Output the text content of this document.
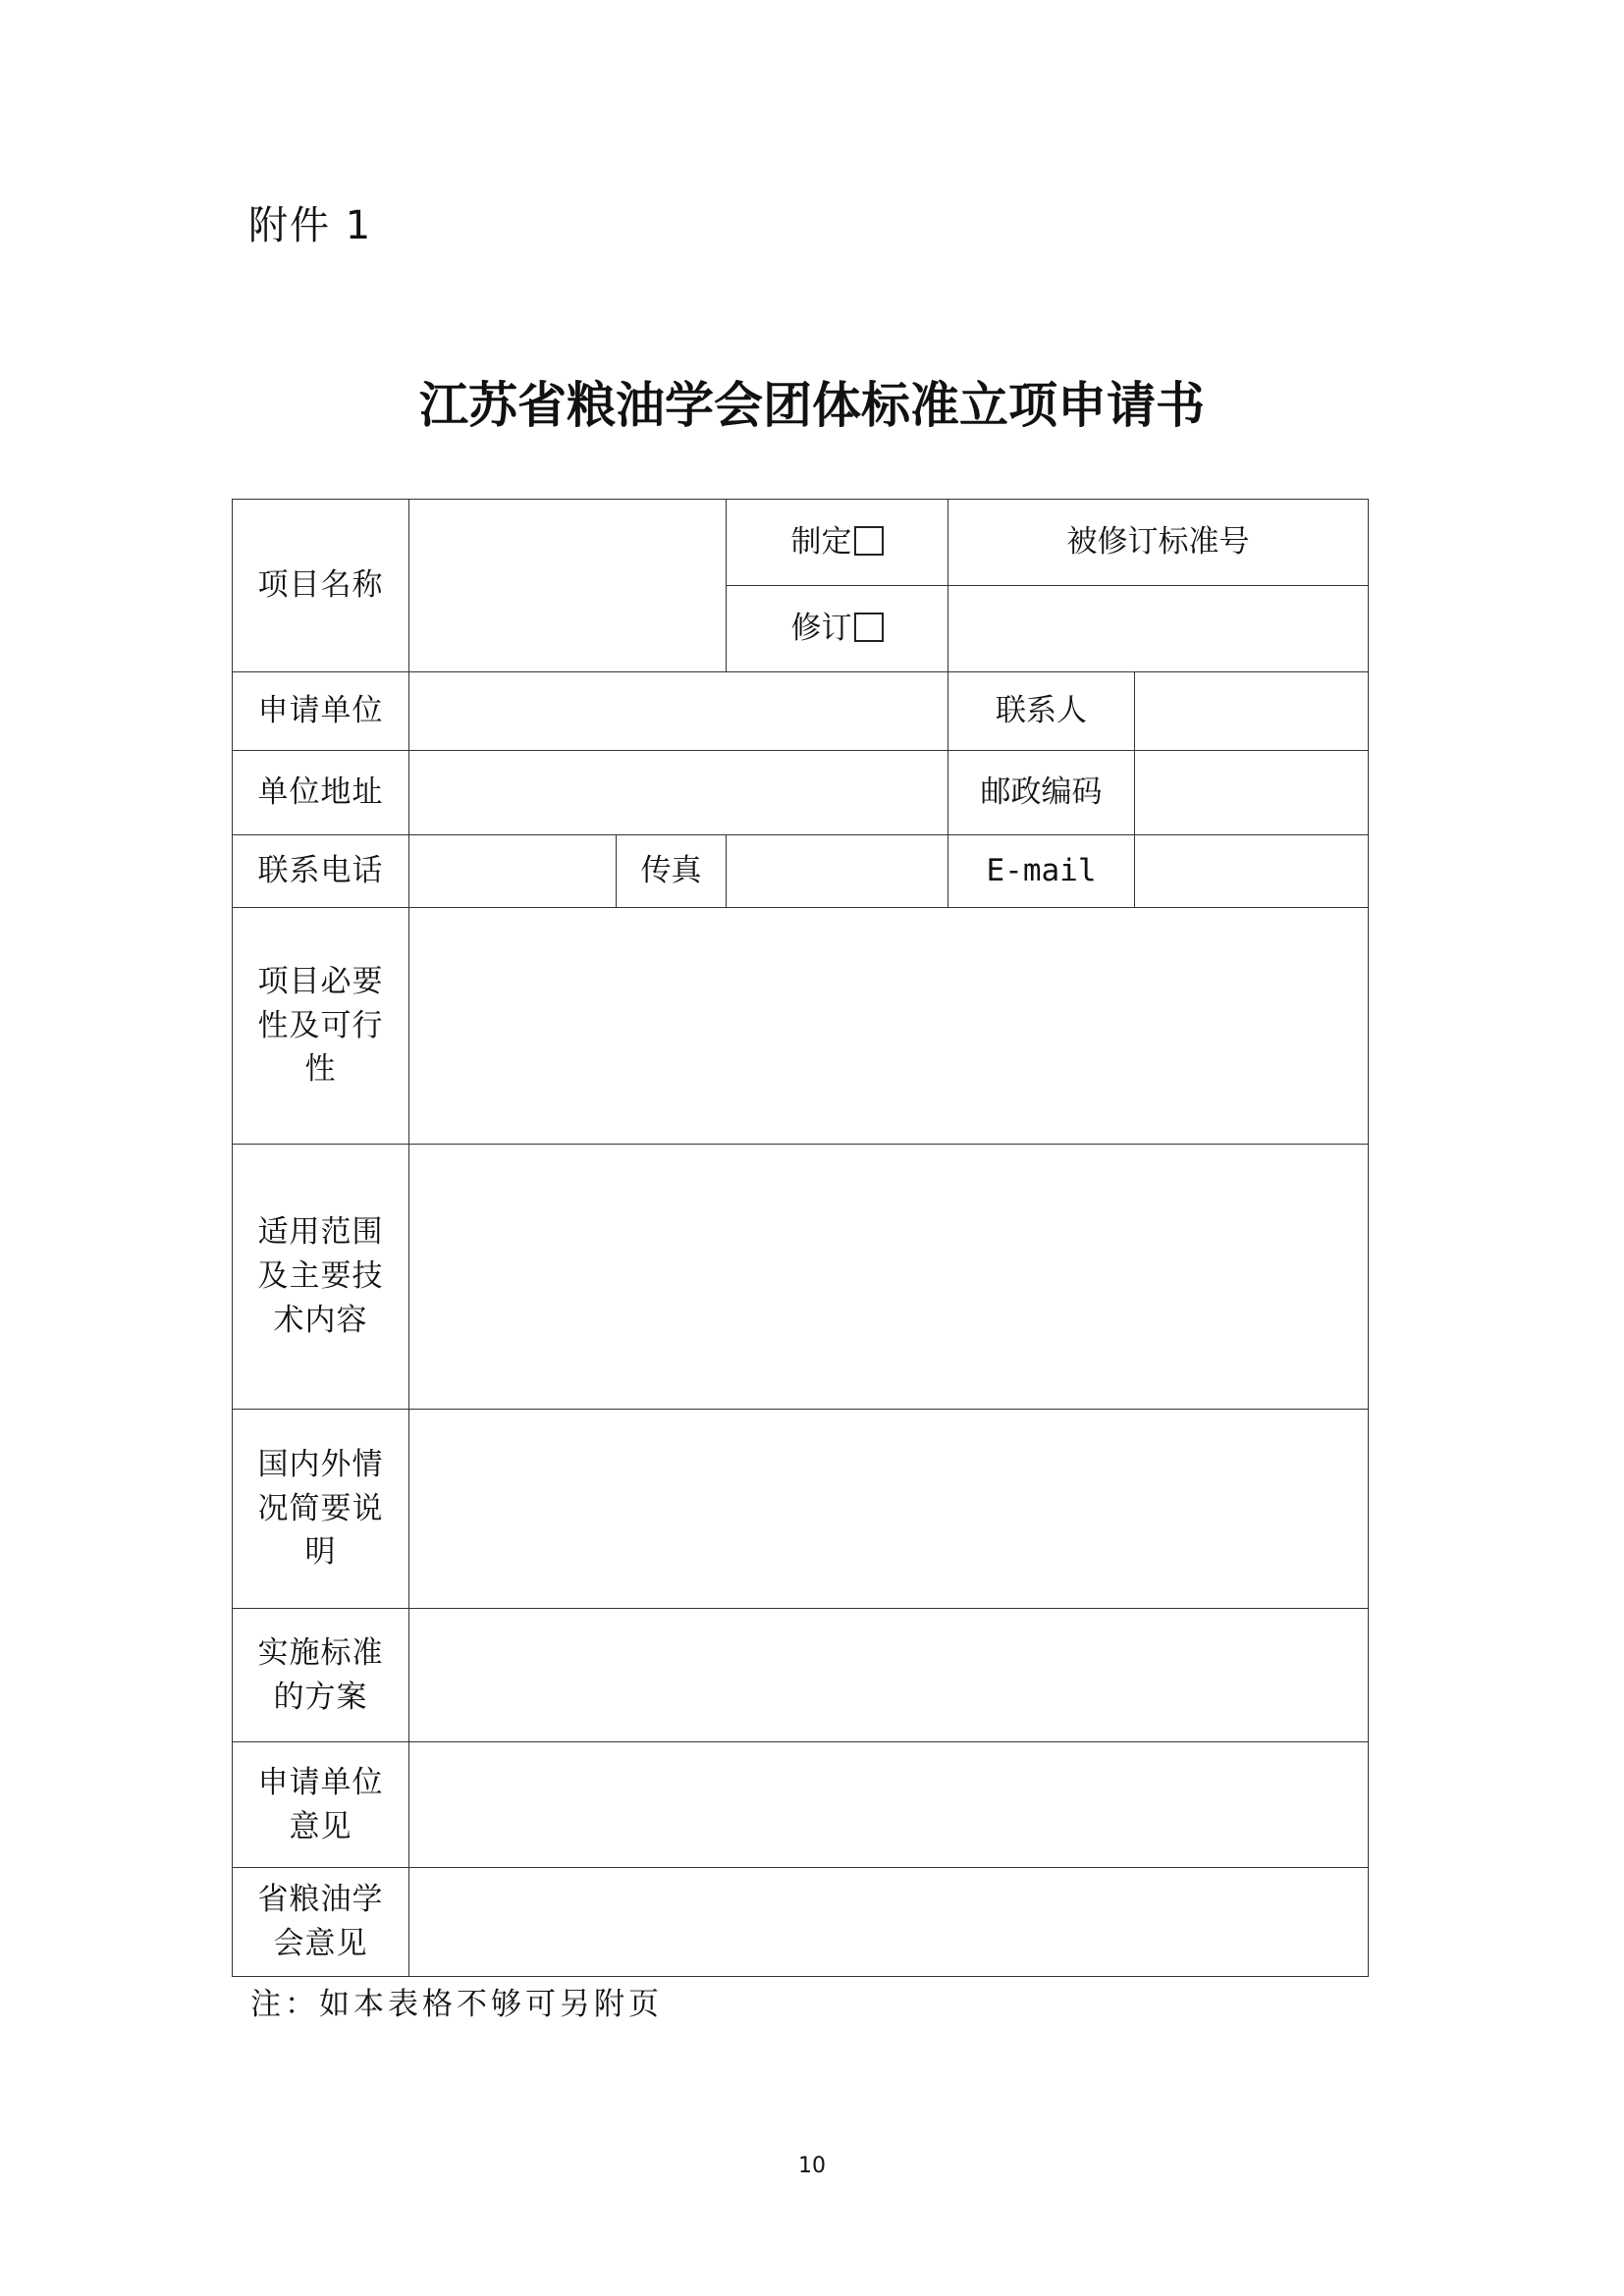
附件 1
江苏省粮油学会团体标准立项申请书
项目名称			制定	被修订标准号	
			修订		
申请单位				联系人	
单位地址				邮政编码	
联系电话		传真		E-mail	
项目必要性及可行性					
适用范围及主要技术内容					
国内外情况简要说明					
实施标准的方案					
申请单位意见					
省粮油学会意见					
注：如本表格不够可另附页
10
